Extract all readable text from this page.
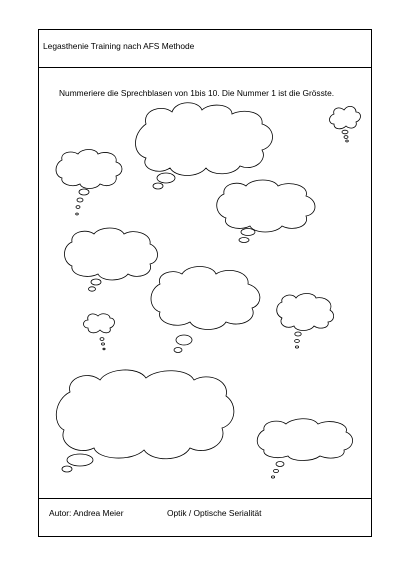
Legasthenie Training nach AFS Methode
Nummeriere die Sprechblasen von 1bis 10. Die Nummer 1 ist die Grösste.
Autor: Andrea Meier	Optik / Optische Serialität
